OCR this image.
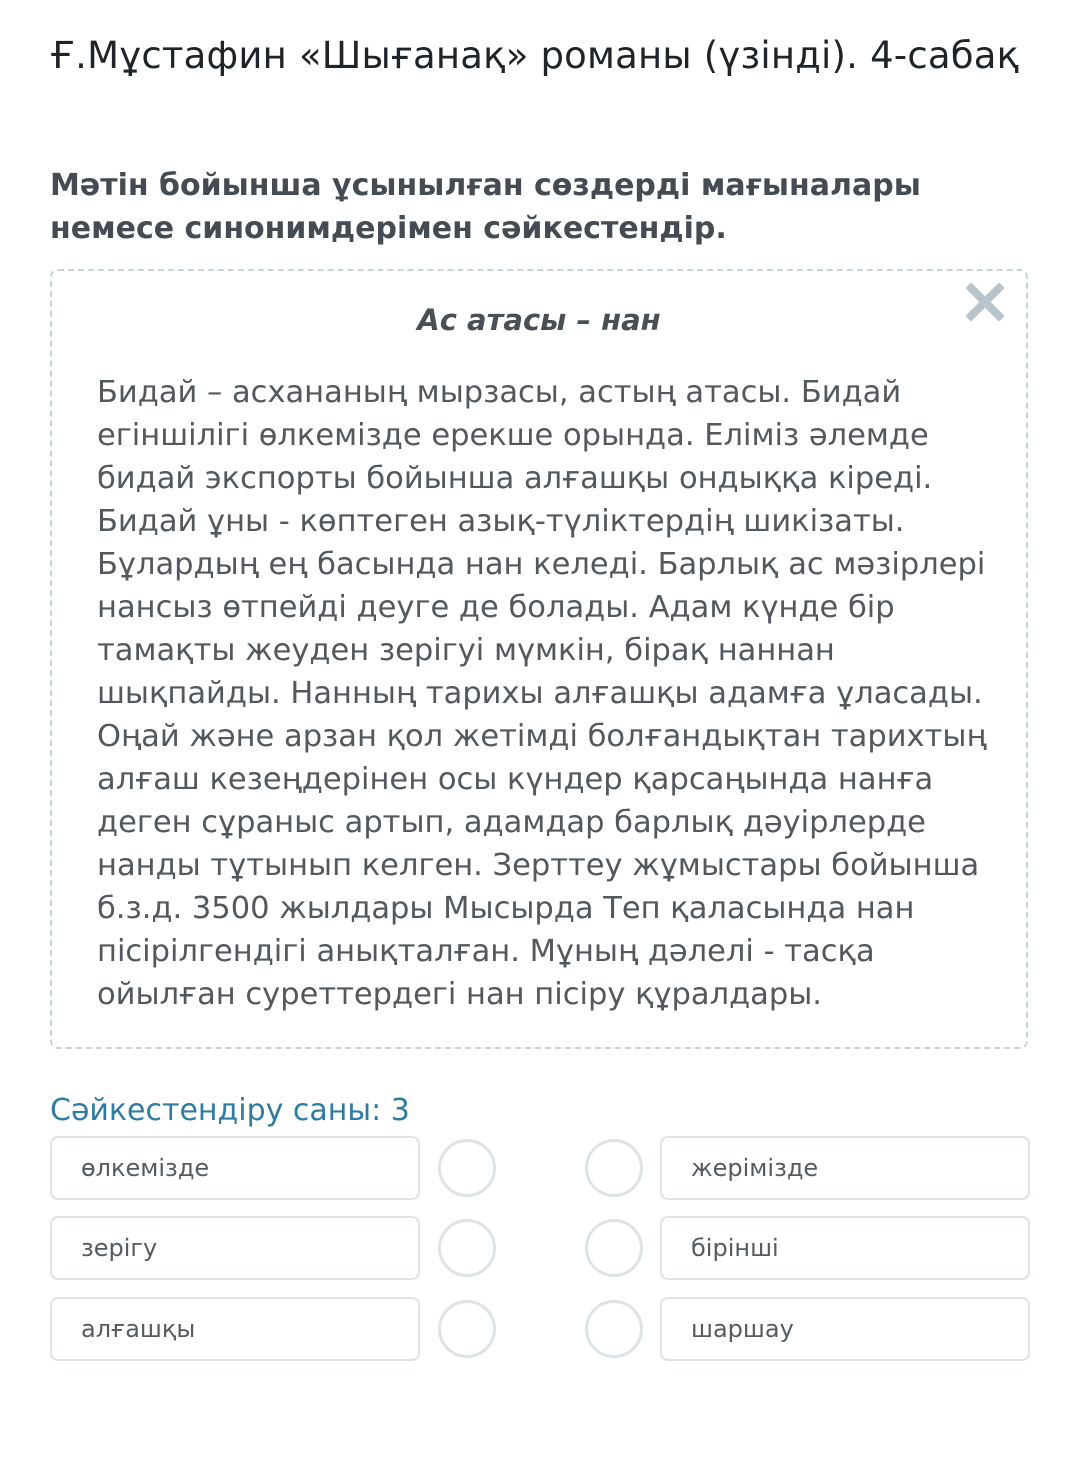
Ғ.Мұстафин «Шығанақ» романы (үзінді). 4-сабақ
Мәтін бойынша ұсынылған сөздерді мағыналары немесе синонимдерімен сәйкестендір.
Ас атасы – нан
Бидай – асхананың мырзасы, астың атасы. Бидай
егіншілігі өлкемізде ерекше орында. Еліміз әлемде
бидай экспорты бойынша алғашқы ондыққа кіреді.
Бидай ұны - көптеген азық-түліктердің шикізаты.
Бұлардың ең басында нан келеді. Барлық ас мәзірлері
нансыз өтпейді деуге де болады. Адам күнде бір
тамақты жеуден зерігуі мүмкін, бірақ наннан
шықпайды. Нанның тарихы алғашқы адамға ұласады.
Оңай және арзан қол жетімді болғандықтан тарихтың
алғаш кезеңдерінен осы күндер қарсаңында нанға
деген сұраныс артып, адамдар барлық дәуірлерде
нанды тұтынып келген. Зерттеу жұмыстары бойынша
б.з.д. 3500 жылдары Мысырда Теп қаласында нан
пісірілгендігі анықталған. Мұның дәлелі - тасқа
ойылған суреттердегі нан пісіру құралдары.
Сәйкестендіру саны: 3
өлкемізде	жерімізде
зерігу	бірінші
алғашқы	шаршау
